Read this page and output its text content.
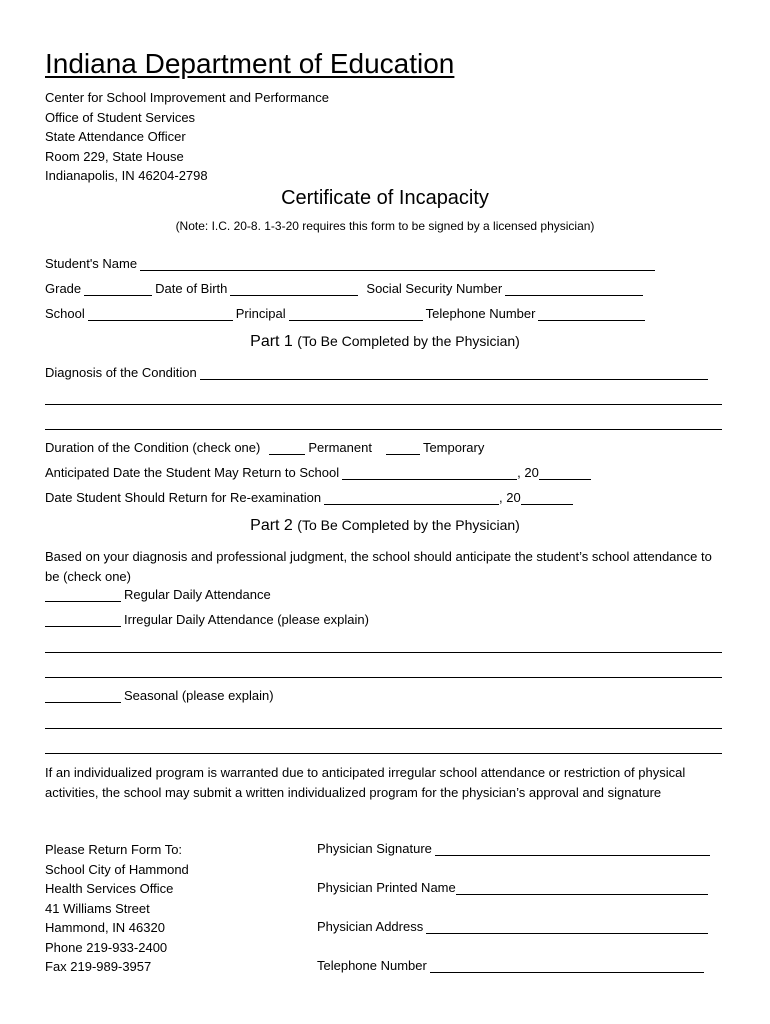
Indiana Department of Education
Center for School Improvement and Performance
Office of Student Services
State Attendance Officer
Room 229, State House
Indianapolis, IN 46204-2798
Certificate of Incapacity
(Note: I.C. 20-8. 1-3-20 requires this form to be signed by a licensed physician)
Student's Name
Grade	Date of Birth	Social Security Number
School	Principal	Telephone Number
Part 1 (To Be Completed by the Physician)
Diagnosis of the Condition
Duration of the Condition (check one)	Permanent	Temporary
Anticipated Date the Student May Return to School	, 20
Date Student Should Return for Re-examination	, 20
Part 2 (To Be Completed by the Physician)
Based on your diagnosis and professional judgment, the school should anticipate the student’s school attendance to be (check one)
Regular Daily Attendance
Irregular Daily Attendance (please explain)
Seasonal (please explain)
If an individualized program is warranted due to anticipated irregular school attendance or restriction of physical activities, the school may submit a written individualized program for the physician’s approval and signature
Please Return Form To:
School City of Hammond
Health Services Office
41 Williams Street
Hammond, IN 46320
Phone 219-933-2400
Fax 219-989-3957
Physician Signature
Physician Printed Name
Physician Address
Telephone Number
